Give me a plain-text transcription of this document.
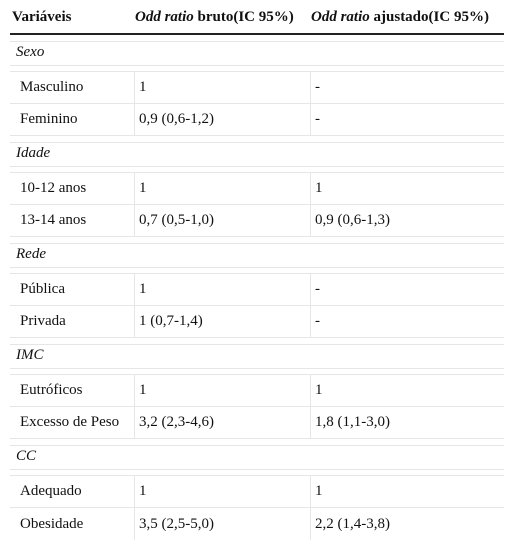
Variáveis	Odd ratio bruto(IC 95%)	Odd ratio ajustado(IC 95%)
Sexo
Masculino	1	-
Feminino	0,9 (0,6-1,2)	-
Idade
10-12 anos	1	1
13-14 anos	0,7 (0,5-1,0)	0,9 (0,6-1,3)
Rede
Pública	1	-
Privada	1 (0,7-1,4)	-
IMC
Eutróficos	1	1
Excesso de Peso	3,2 (2,3-4,6)	1,8 (1,1-3,0)
CC
Adequado	1	1
Obesidade	3,5 (2,5-5,0)	2,2 (1,4-3,8)
